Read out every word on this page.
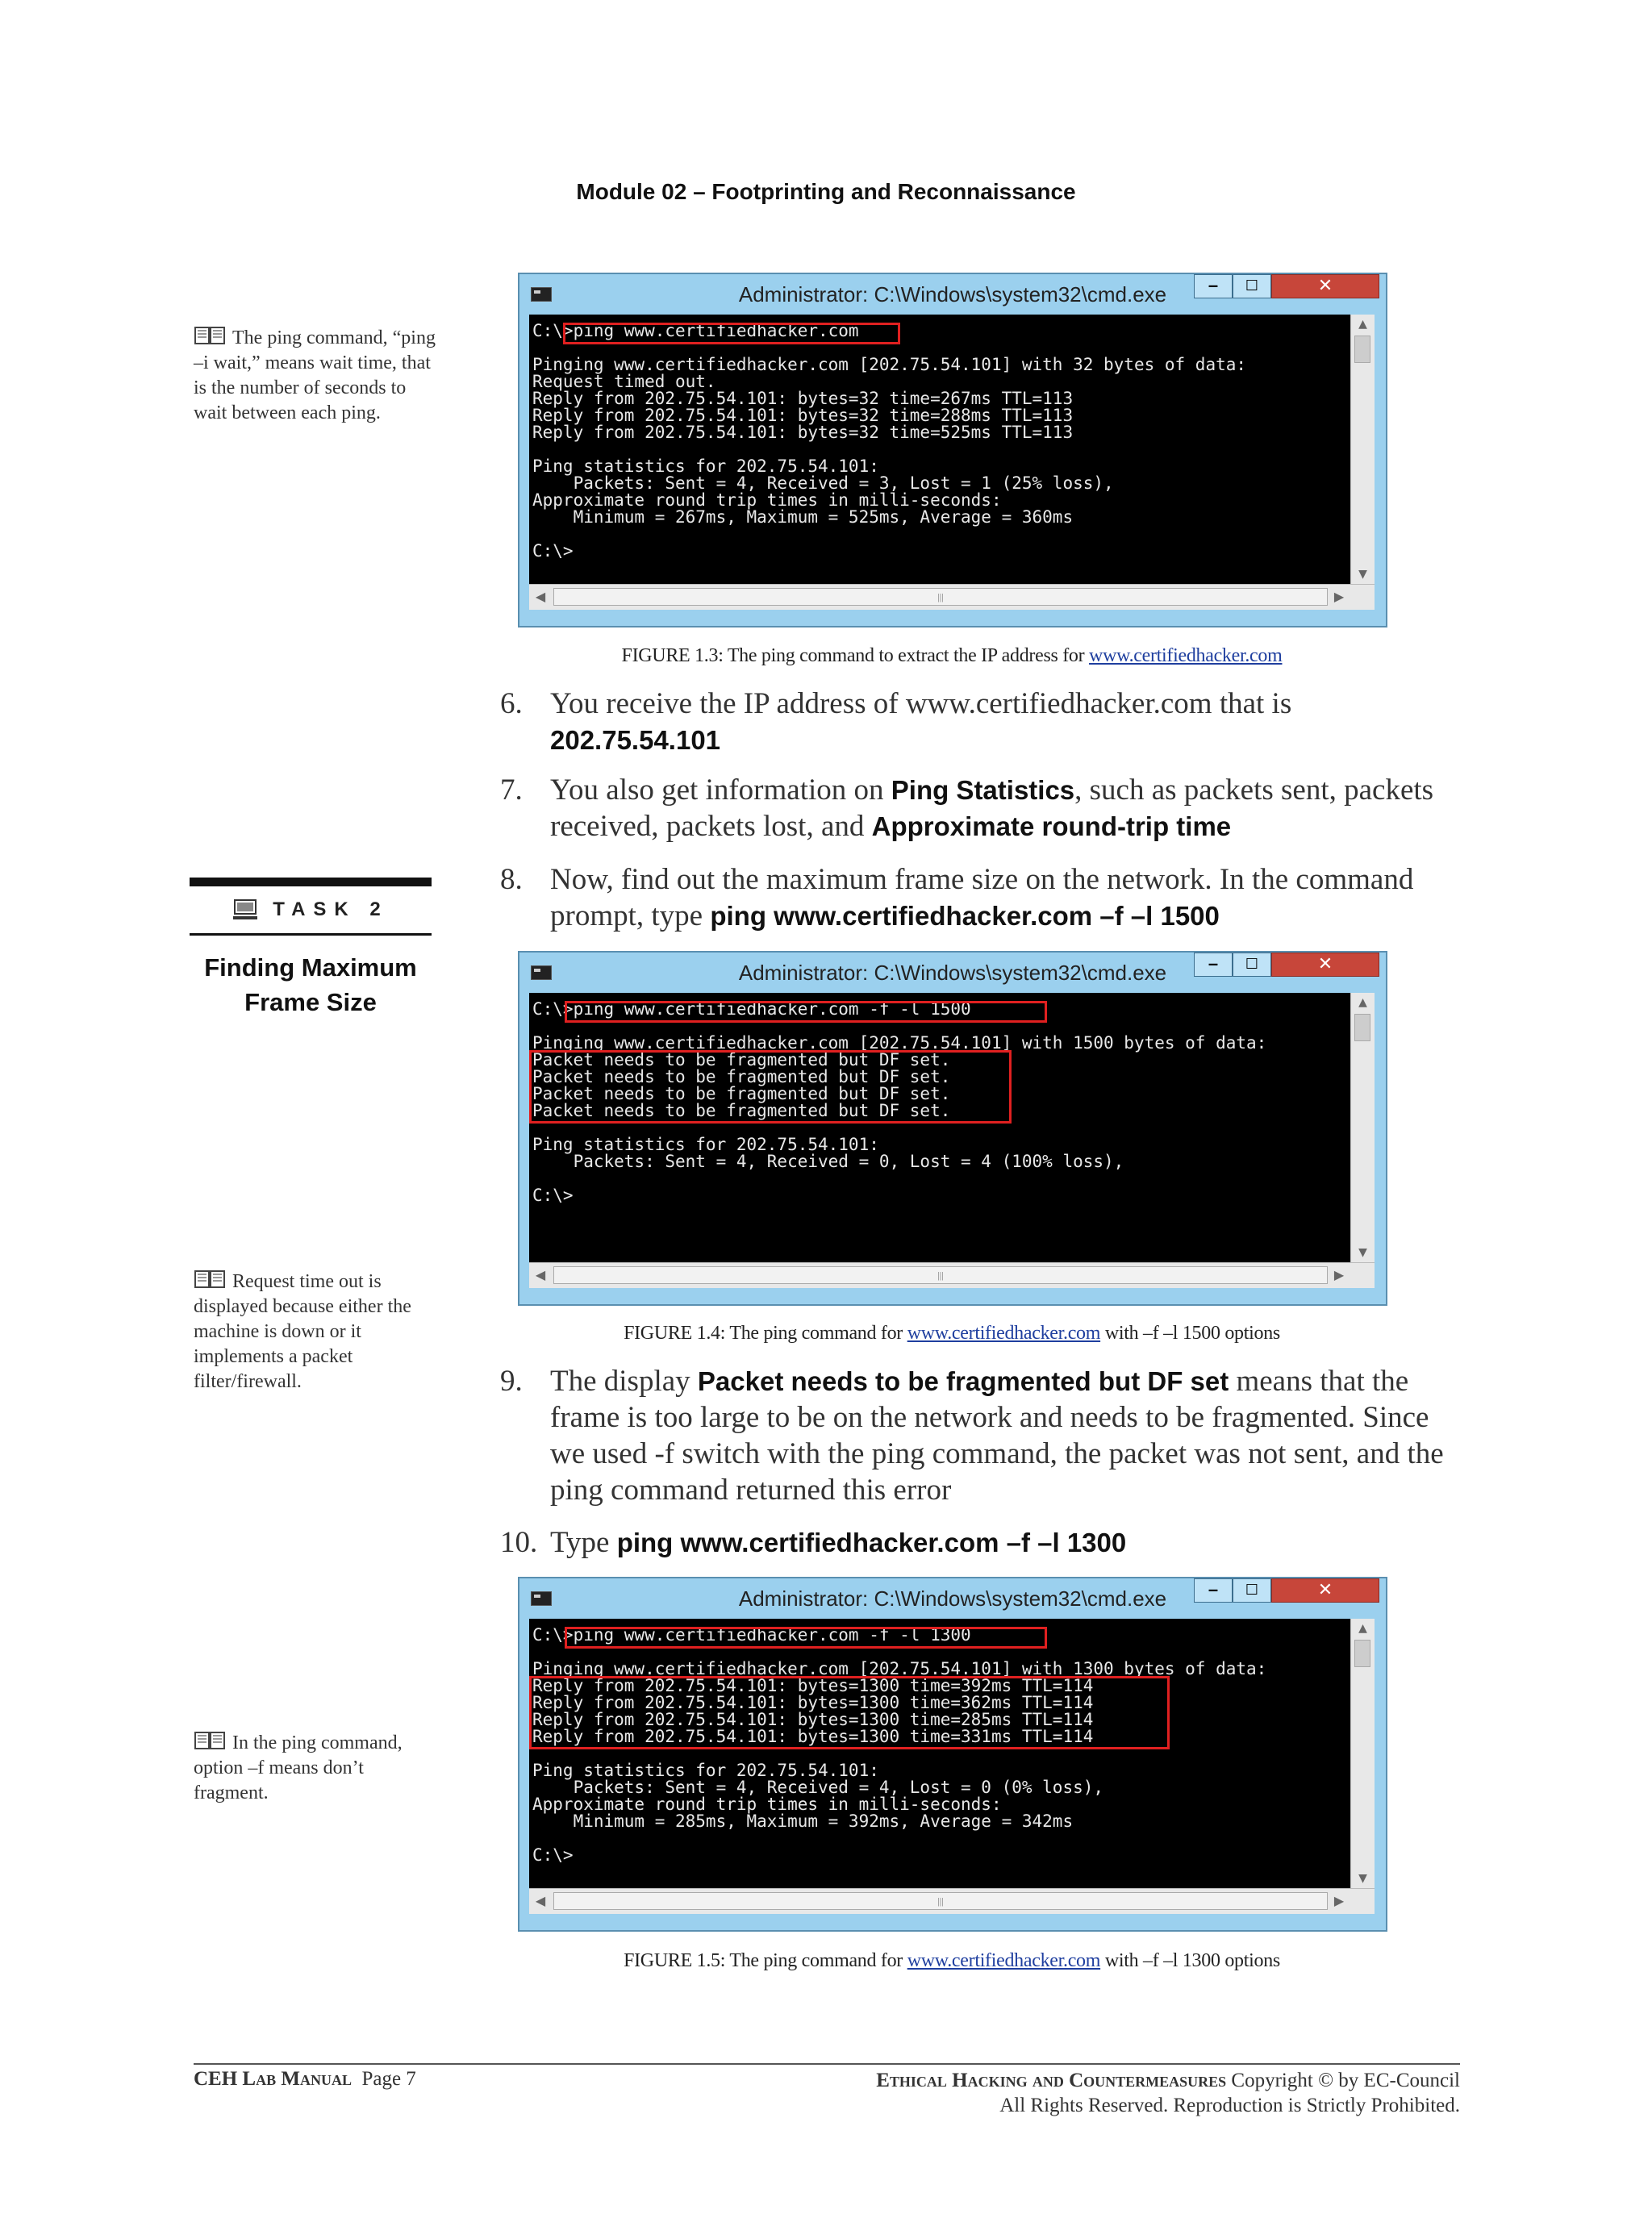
Module 02 – Footprinting and Reconnaissance
The ping command, “ping –i wait,” means wait time, that is the number of seconds to wait between each ping.
TASK 2
Finding Maximum
Frame Size
Request time out is displayed because either the machine is down or it implements a packet filter/firewall.
In the ping command, option –f means don’t fragment.
Administrator: C:\Windows\system32\cmd.exe	–	☐	✕
C:\>ping www.certifiedhacker.com

Pinging www.certifiedhacker.com [202.75.54.101] with 32 bytes of data:
Request timed out.
Reply from 202.75.54.101: bytes=32 time=267ms TTL=113
Reply from 202.75.54.101: bytes=32 time=288ms TTL=113
Reply from 202.75.54.101: bytes=32 time=525ms TTL=113

Ping statistics for 202.75.54.101:
Packets: Sent = 4, Received = 3, Lost = 1 (25% loss),
Approximate round trip times in milli-seconds:
Minimum = 267ms, Maximum = 525ms, Average = 360ms

C:\>
▲
▼
◀	|||	▶
FIGURE 1.3: The ping command to extract the IP address for www.certifiedhacker.com
6. You receive the IP address of www.certifiedhacker.com that is
202.75.54.101
7. You also get information on Ping Statistics, such as packets sent, packets received, packets lost, and Approximate round-trip time
8. Now, find out the maximum frame size on the network. In the command prompt, type ping www.certifiedhacker.com –f –l 1500
Administrator: C:\Windows\system32\cmd.exe	–	☐	✕
C:\>ping www.certifiedhacker.com -f -l 1500

Pinging www.certifiedhacker.com [202.75.54.101] with 1500 bytes of data:
Packet needs to be fragmented but DF set.
Packet needs to be fragmented but DF set.
Packet needs to be fragmented but DF set.
Packet needs to be fragmented but DF set.

Ping statistics for 202.75.54.101:
Packets: Sent = 4, Received = 0, Lost = 4 (100% loss),

C:\>
▲
▼
◀	|||	▶
FIGURE 1.4: The ping command for www.certifiedhacker.com with –f –l 1500 options
9. The display Packet needs to be fragmented but DF set means that the frame is too large to be on the network and needs to be fragmented. Since we used -f switch with the ping command, the packet was not sent, and the ping command returned this error
10. Type ping www.certifiedhacker.com –f –l 1300
Administrator: C:\Windows\system32\cmd.exe	–	☐	✕
C:\>ping www.certifiedhacker.com -f -l 1300

Pinging www.certifiedhacker.com [202.75.54.101] with 1300 bytes of data:
Reply from 202.75.54.101: bytes=1300 time=392ms TTL=114
Reply from 202.75.54.101: bytes=1300 time=362ms TTL=114
Reply from 202.75.54.101: bytes=1300 time=285ms TTL=114
Reply from 202.75.54.101: bytes=1300 time=331ms TTL=114

Ping statistics for 202.75.54.101:
Packets: Sent = 4, Received = 4, Lost = 0 (0% loss),
Approximate round trip times in milli-seconds:
Minimum = 285ms, Maximum = 392ms, Average = 342ms

C:\>
▲
▼
◀	|||	▶
FIGURE 1.5: The ping command for www.certifiedhacker.com with –f –l 1300 options
CEH Lab Manual Page 7	Ethical Hacking and Countermeasures Copyright © by EC-Council
All Rights Reserved. Reproduction is Strictly Prohibited.
